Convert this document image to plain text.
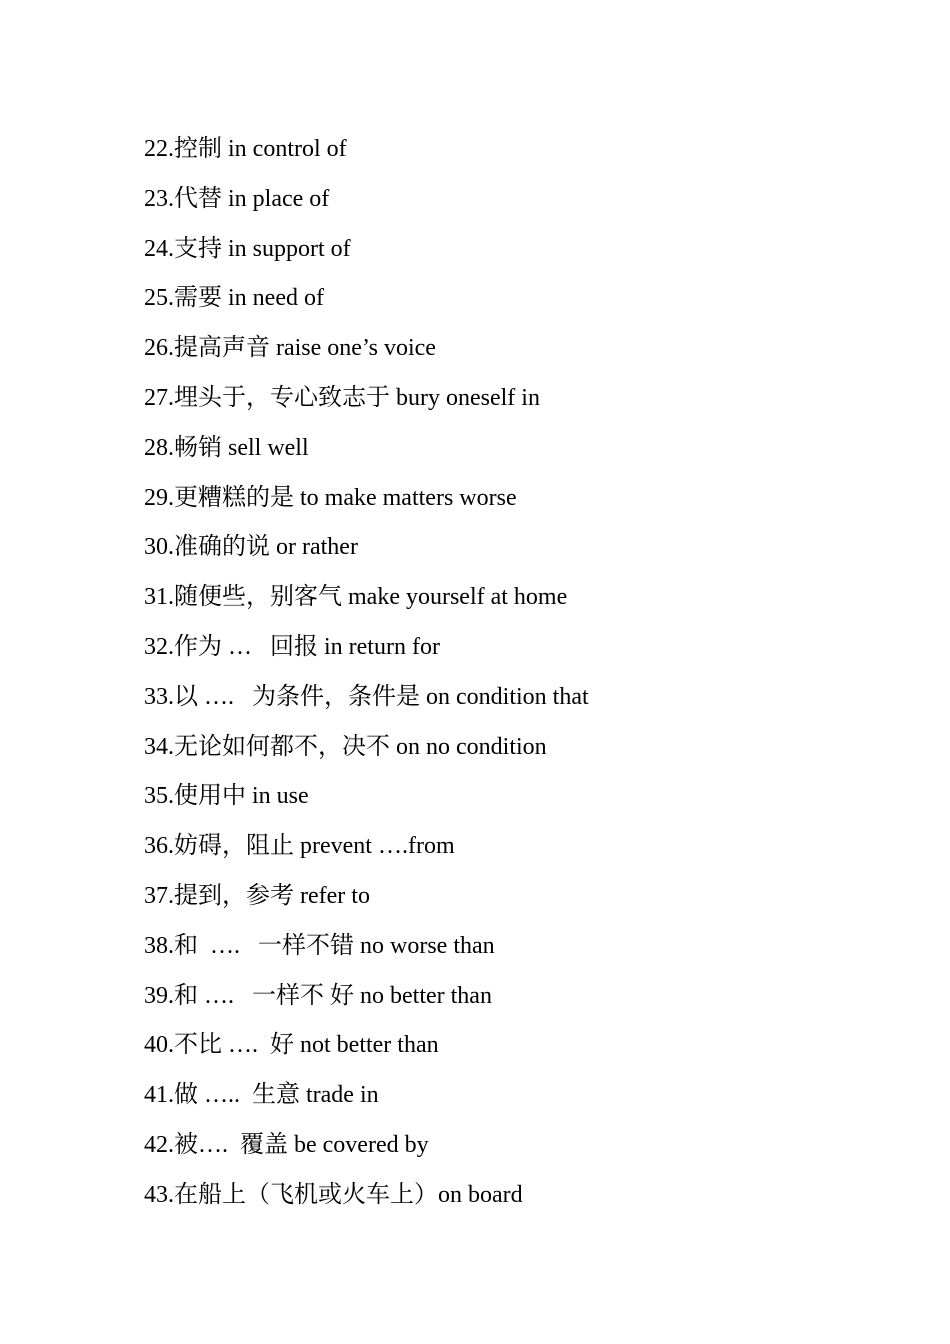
22.控制 in control of
23.代替 in place of
24.支持 in support of
25.需要 in need of
26.提高声音 raise one’s voice
27.埋头于，专心致志于 bury oneself in
28.畅销 sell well
29.更糟糕的是 to make matters worse
30.准确的说 or rather
31.随便些，别客气 make yourself at home
32.作为 …   回报 in return for
33.以 ….   为条件，条件是 on condition that
34.无论如何都不，决不 on no condition
35.使用中 in use
36.妨碍，阻止 prevent ….from
37.提到，参考 refer to
38.和  ….   一样不错 no worse than
39.和 ….   一样不 好 no better than
40.不比 ….  好 not better than
41.做 …..  生意 trade in
42.被….  覆盖 be covered by
43.在船上（飞机或火车上）on board
